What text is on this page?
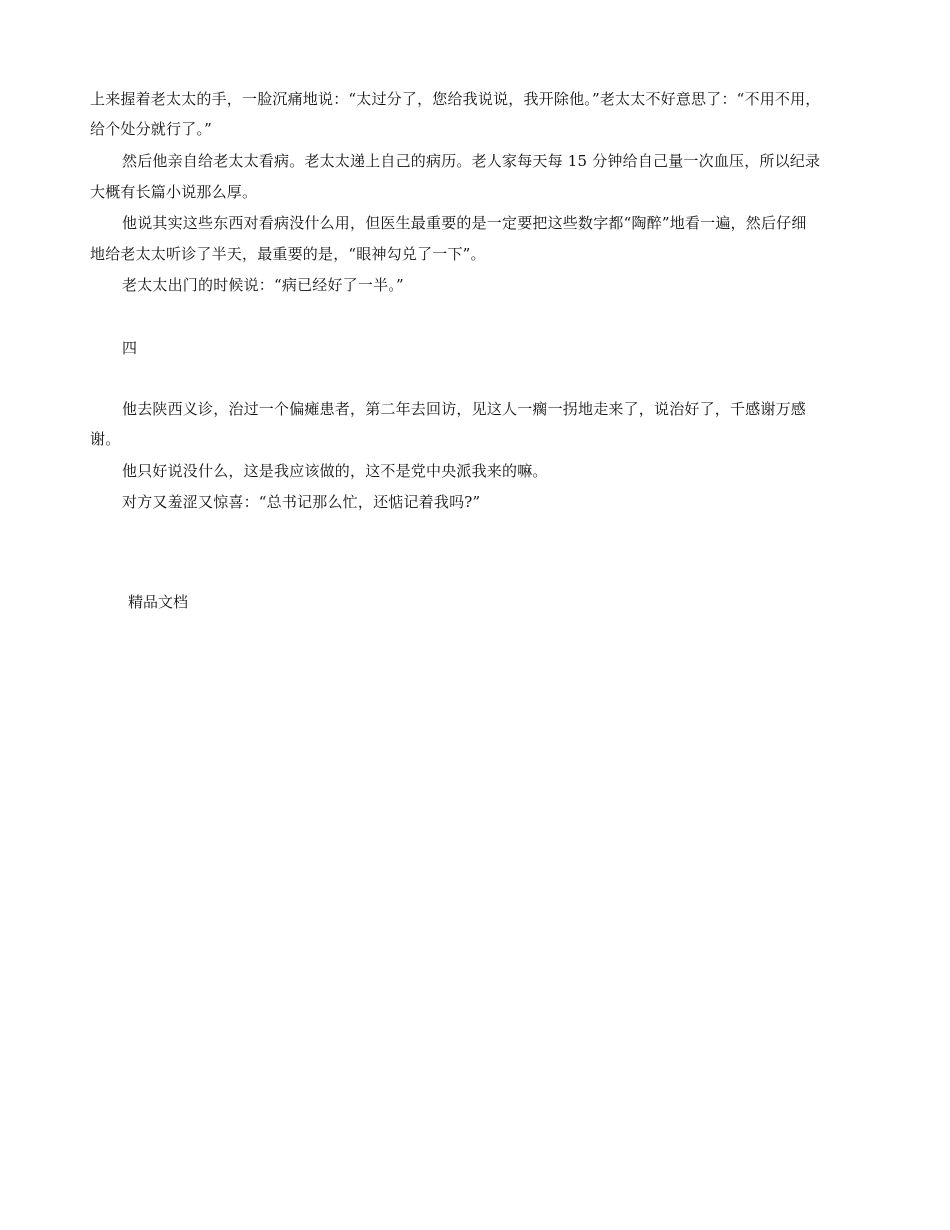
上来握着老太太的手，一脸沉痛地说：“太过分了，您给我说说，我开除他。”老太太不好意思了：“不用不用，
给个处分就行了。”
然后他亲自给老太太看病。老太太递上自己的病历。老人家每天每 15 分钟给自己量一次血压，所以纪录
大概有长篇小说那么厚。
他说其实这些东西对看病没什么用，但医生最重要的是一定要把这些数字都“陶醉”地看一遍，然后仔细
地给老太太听诊了半天，最重要的是，“眼神勾兑了一下”。
老太太出门的时候说：“病已经好了一半。”
四
他去陕西义诊，治过一个偏瘫患者，第二年去回访，见这人一瘸一拐地走来了，说治好了，千感谢万感
谢。
他只好说没什么，这是我应该做的，这不是党中央派我来的嘛。
对方又羞涩又惊喜：“总书记那么忙，还惦记着我吗?”
精品文档
